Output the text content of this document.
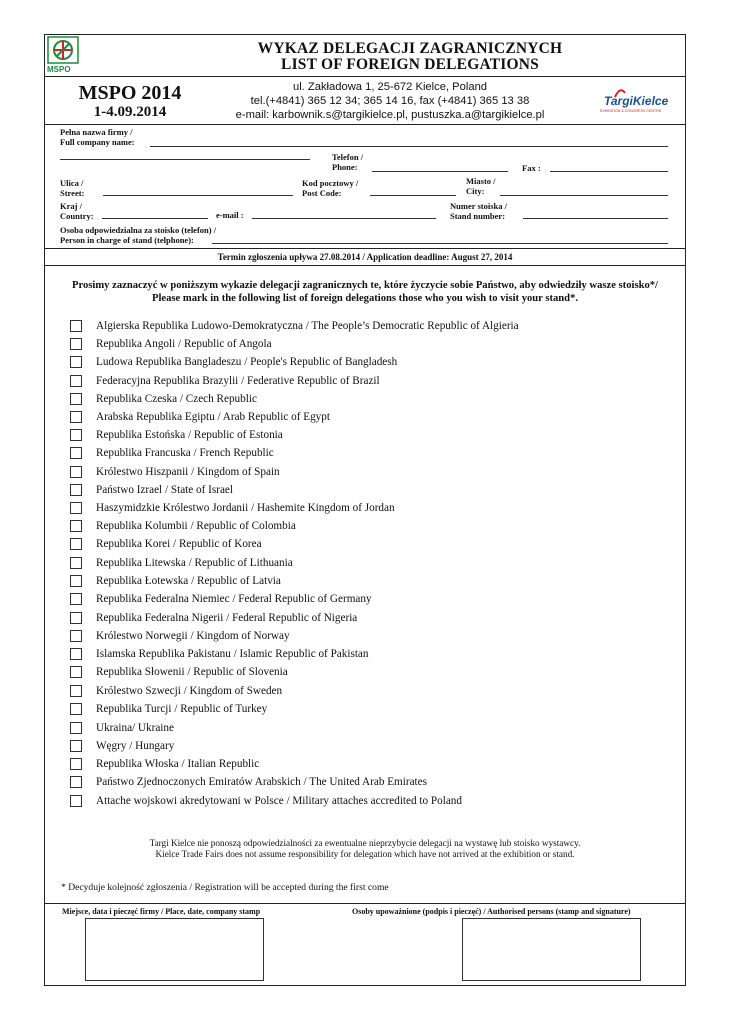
MSPO
WYKAZ DELEGACJI ZAGRANICZNYCH
LIST OF FOREIGN DELEGATIONS
MSPO 2014
1-4.09.2014
ul. Zakładowa 1, 25-672 Kielce, Poland
tel.(+4841) 365 12 34; 365 14 16, fax (+4841) 365 13 38
e-mail: karbownik.s@targikielce.pl, pustuszka.a@targikielce.pl
TargiKielce
EXHIBITION & CONGRESS CENTRE
Pełna nazwa firmy /
Full company name:
Telefon /
Phone:	Fax :
Ulica /
Street:
Kod pocztowy /
Post Code:
Miasto /
City:
Kraj /
Country:	e-mail :
Numer stoiska /
Stand number:
Osoba odpowiedzialna za stoisko (telefon) /
Person in charge of stand (telphone):
Termin zgłoszenia upływa 27.08.2014 / Application deadline: August 27, 2014
Prosimy zaznaczyć w poniższym wykazie delegacji zagranicznych te, które życzycie sobie Państwo, aby odwiedziły wasze stoisko*/
Please mark in the following list of foreign delegations those who you wish to visit your stand*.
Algierska Republika Ludowo-Demokratyczna / The People’s Democratic Republic of Algieria
Republika Angoli / Republic of Angola
Ludowa Republika Bangladeszu / People's Republic of Bangladesh
Federacyjna Republika Brazylii / Federative Republic of Brazil
Republika Czeska / Czech Republic
Arabska Republika Egiptu / Arab Republic of Egypt
Republika Estońska / Republic of Estonia
Republika Francuska / French Republic
Królestwo Hiszpanii / Kingdom of Spain
Państwo Izrael / State of Israel
Haszymidzkie Królestwo Jordanii / Hashemite Kingdom of Jordan
Republika Kolumbii / Republic of Colombia
Republika Korei / Republic of Korea
Republika Litewska / Republic of Lithuania
Republika Łotewska / Republic of Latvia
Republika Federalna Niemiec / Federal Republic of Germany
Republika Federalna Nigerii / Federal Republic of Nigeria
Królestwo Norwegii / Kingdom of Norway
Islamska Republika Pakistanu / Islamic Republic of Pakistan
Republika Słowenii / Republic of Slovenia
Królestwo Szwecji / Kingdom of Sweden
Republika Turcji / Republic of Turkey
Ukraina/ Ukraine
Węgry / Hungary
Republika Włoska / Italian Republic
Państwo Zjednoczonych Emiratów Arabskich / The United Arab Emirates
Attache wojskowi akredytowani w Polsce / Military attaches accredited to Poland
Targi Kielce nie ponoszą odpowiedzialności za ewentualne nieprzybycie delegacji na wystawę lub stoisko wystawcy.
Kielce Trade Fairs does not assume responsibility for delegation which have not arrived at the exhibition or stand.
* Decyduje kolejność zgłoszenia / Registration will be accepted during the first come
Miejsce, data i pieczęć firmy / Place, date, company stamp	Osoby upoważnione (podpis i pieczęć) / Authorised persons (stamp and signature)
